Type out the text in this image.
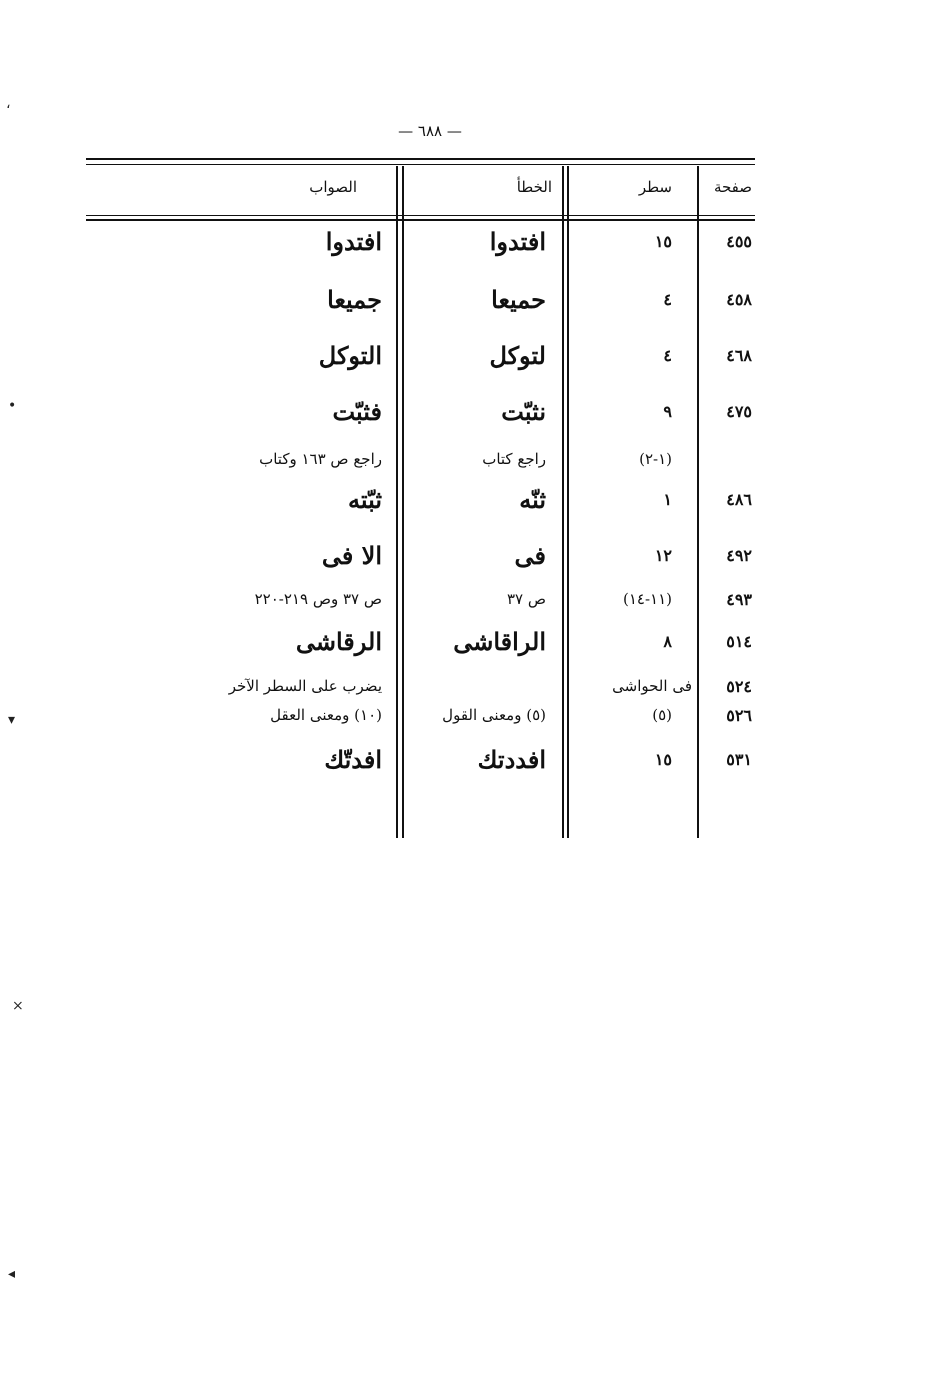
،
•
▾
×
◂
— ٦٨٨ —
صفحة
سطر
الخطأ
الصواب
٤٥٥
١٥
افتدوا
افتدوا
٤٥٨
٤
حميعا
جميعا
٤٦٨
٤
لتوكل
التوكل
٤٧٥
٩
نثبّت
فثبّت
(١-٢)
راجع كتاب
راجع ص ١٦٣ وكتاب
٤٨٦
١
ثنّه
ثبّته
٤٩٢
١٢
فى
الا فى
٤٩٣
(١١-١٤)
ص ٣٧
ص ٣٧ وص ٢١٩-٢٢٠
٥١٤
٨
الراقاشى
الرقاشى
٥٢٤
فى الحواشى
يضرب على السطر الآخر
٥٢٦
(٥)
(٥) ومعنى القول
(١٠) ومعنى العقل
٥٣١
١٥
افددتك
افدتّك
